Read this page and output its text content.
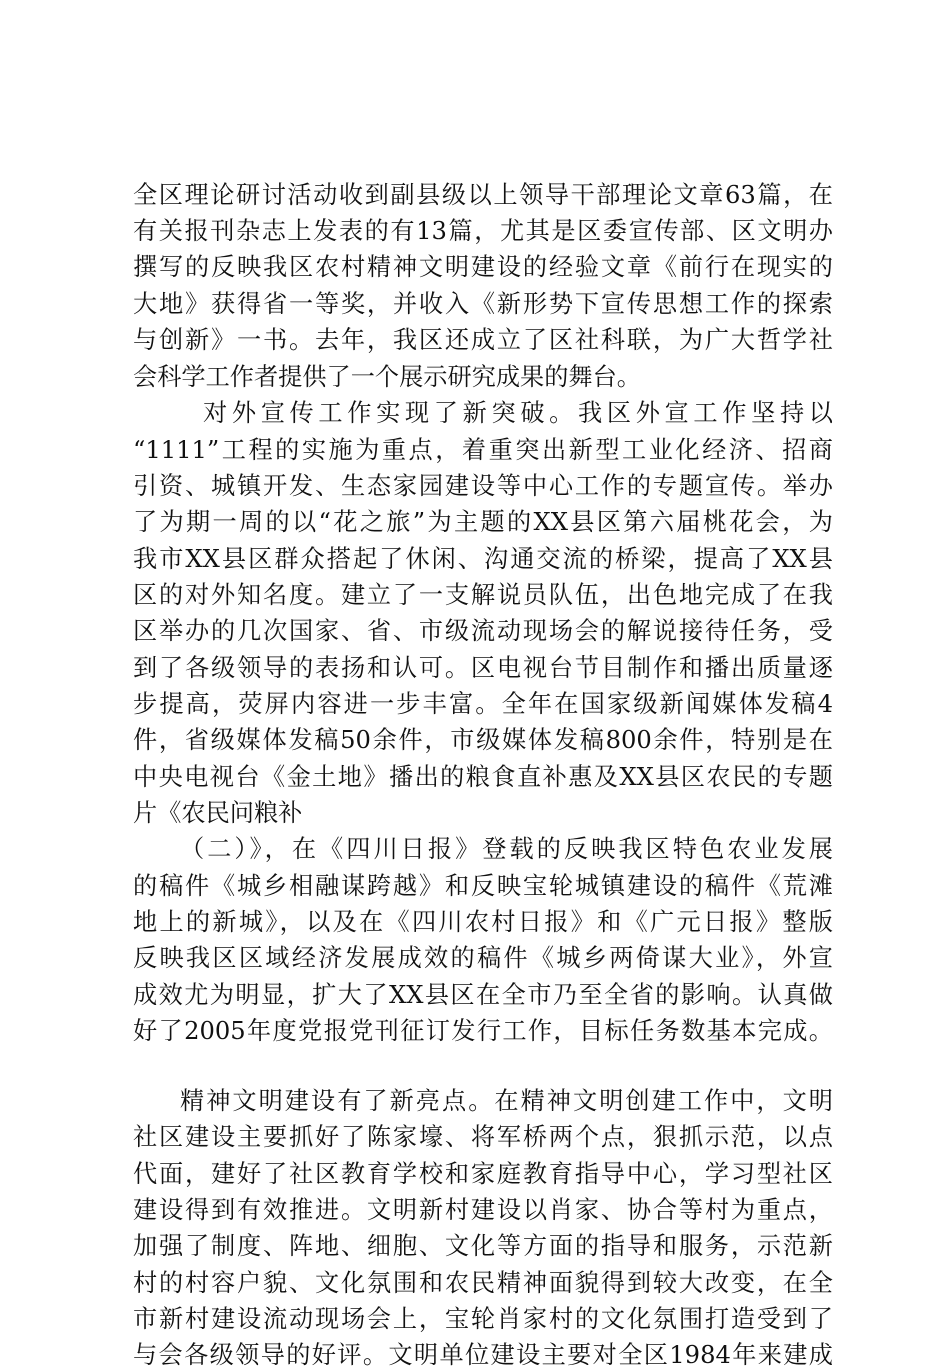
全区理论研讨活动收到副县级以上领导干部理论文章63篇，在
有关报刊杂志上发表的有13篇，尤其是区委宣传部、区文明办
撰写的反映我区农村精神文明建设的经验文章《前行在现实的
大地》获得省一等奖，并收入《新形势下宣传思想工作的探索
与创新》一书。去年，我区还成立了区社科联，为广大哲学社
会科学工作者提供了一个展示研究成果的舞台。
对外宣传工作实现了新突破。我区外宣工作坚持以
“1111”工程的实施为重点，着重突出新型工业化经济、招商
引资、城镇开发、生态家园建设等中心工作的专题宣传。举办
了为期一周的以“花之旅”为主题的XX县区第六届桃花会，为
我市XX县区群众搭起了休闲、沟通交流的桥梁，提高了XX县
区的对外知名度。建立了一支解说员队伍，出色地完成了在我
区举办的几次国家、省、市级流动现场会的解说接待任务，受
到了各级领导的表扬和认可。区电视台节目制作和播出质量逐
步提高，荧屏内容进一步丰富。全年在国家级新闻媒体发稿4
件，省级媒体发稿50余件，市级媒体发稿800余件，特别是在
中央电视台《金土地》播出的粮食直补惠及XX县区农民的专题
片《农民问粮补
（二）》，在《四川日报》登载的反映我区特色农业发展
的稿件《城乡相融谋跨越》和反映宝轮城镇建设的稿件《荒滩
地上的新城》，以及在《四川农村日报》和《广元日报》整版
反映我区区域经济发展成效的稿件《城乡两倚谋大业》，外宣
成效尤为明显，扩大了XX县区在全市乃至全省的影响。认真做
好了2005年度党报党刊征订发行工作，目标任务数基本完成。
精神文明建设有了新亮点。在精神文明创建工作中，文明
社区建设主要抓好了陈家壕、将军桥两个点，狠抓示范，以点
代面，建好了社区教育学校和家庭教育指导中心，学习型社区
建设得到有效推进。文明新村建设以肖家、协合等村为重点，
加强了制度、阵地、细胞、文化等方面的指导和服务，示范新
村的村容户貌、文化氛围和农民精神面貌得到较大改变，在全
市新村建设流动现场会上，宝轮肖家村的文化氛围打造受到了
与会各级领导的好评。文明单位建设主要对全区1984年来建成
